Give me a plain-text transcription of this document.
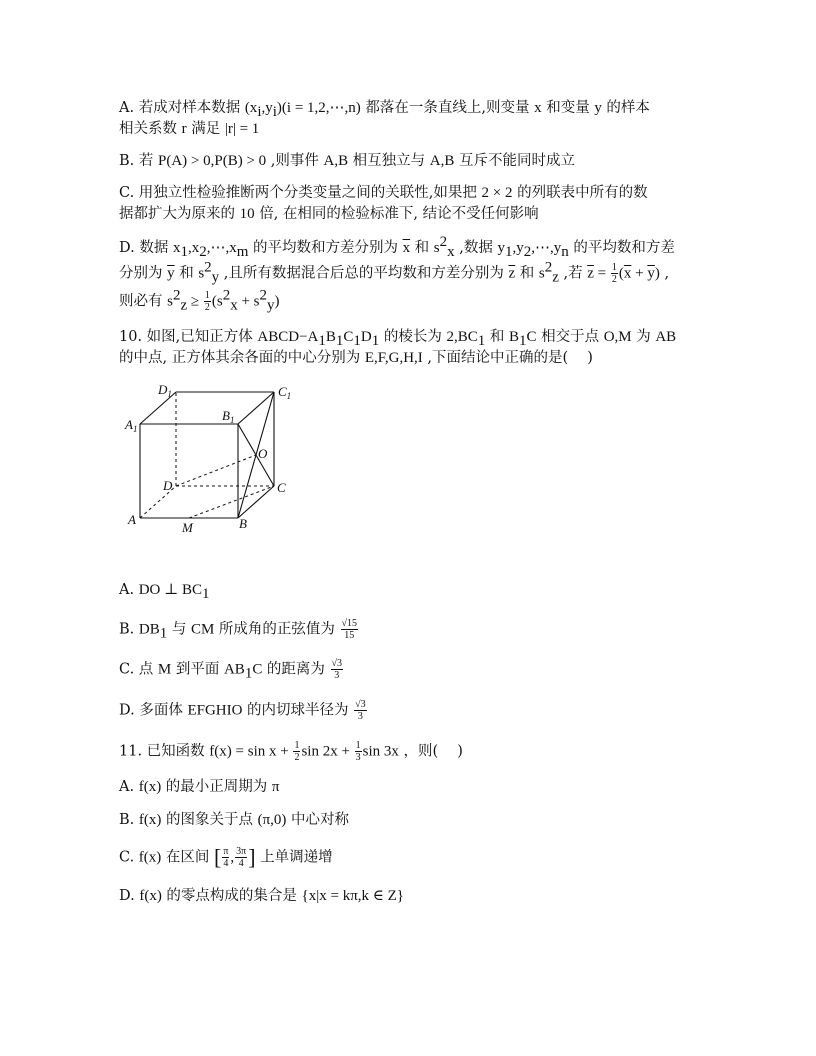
A. 若成对样本数据 $(x_i,y_i)(i$ = 1,2,⋯,n) 都落在一条直线上,则变量 x 和变量 y 的样本
相关系数 r 满足 |r| = 1
B. 若 P(A) > 0,P(B) > 0 ,则事件 A,B 相互独立与 A,B 互斥不能同时成立
C. 用独立性检验推断两个分类变量之间的关联性,如果把 2 × 2 的列联表中所有的数
据都扩大为原来的 10 倍, 在相同的检验标准下, 结论不受任何影响
D. 数据 $x_1,x_2,\cdots,x_m$ 的平均数和方差分别为 $\overline{x}$ 和 $s^2_x$ ,数据 $y_1,y_2,\cdots,y_n$ 的平均数和方差
分别为 $\overline{y}$ 和 $s^2_y$ ,且所有数据混合后总的平均数和方差分别为 $\overline{z}$ 和 $s^2_z$ ,若 $\overline{z} = \frac{1}{2} (\overline{x} + \overline{y})$ ,
则必有 $s^2_z \ge \frac{1}{2} (s^2_x + s^2_y)$
10. 如图,已知正方体 $ABCD-A_1B_1C_1D_1$ 的棱长为 $2,BC_1$ 和 $B_1C$ 相交于点 O,M 为 AB
的中点, 正方体其余各面的中心分别为 E,F,G,H,I ,下面结论中正确的是(　 )
$A_1$
$D_1$
$B_1$
$C_1$
O
D	C
A	B
M
A. DO ⊥ $BC_1$
B. $DB_1$ 与 CM 所成角的正弦值为 $\frac{√15}{15}$
C. 点 M 到平面 $AB_1C$ 的距离为 $\frac{√3}{3}$
D. 多面体 EFGHIO 的内切球半径为 $\frac{√3}{3}$
11. 已知函数 $f(x) = \sin x + \frac{1}{2}$ $\sin 2x + \frac{1}{3}$ sin 3x ，则(　 )
A. f(x) 的最小正周期为 π
B. f(x) 的图象关于点 (π,0) 中心对称
C. f(x) 在区间 [ $\frac{\pi}{4}$ , $\frac{3\pi}{4}$ ] 上单调递增
D. f(x) 的零点构成的集合是 {x|x = kπ,k ∈ Z}
